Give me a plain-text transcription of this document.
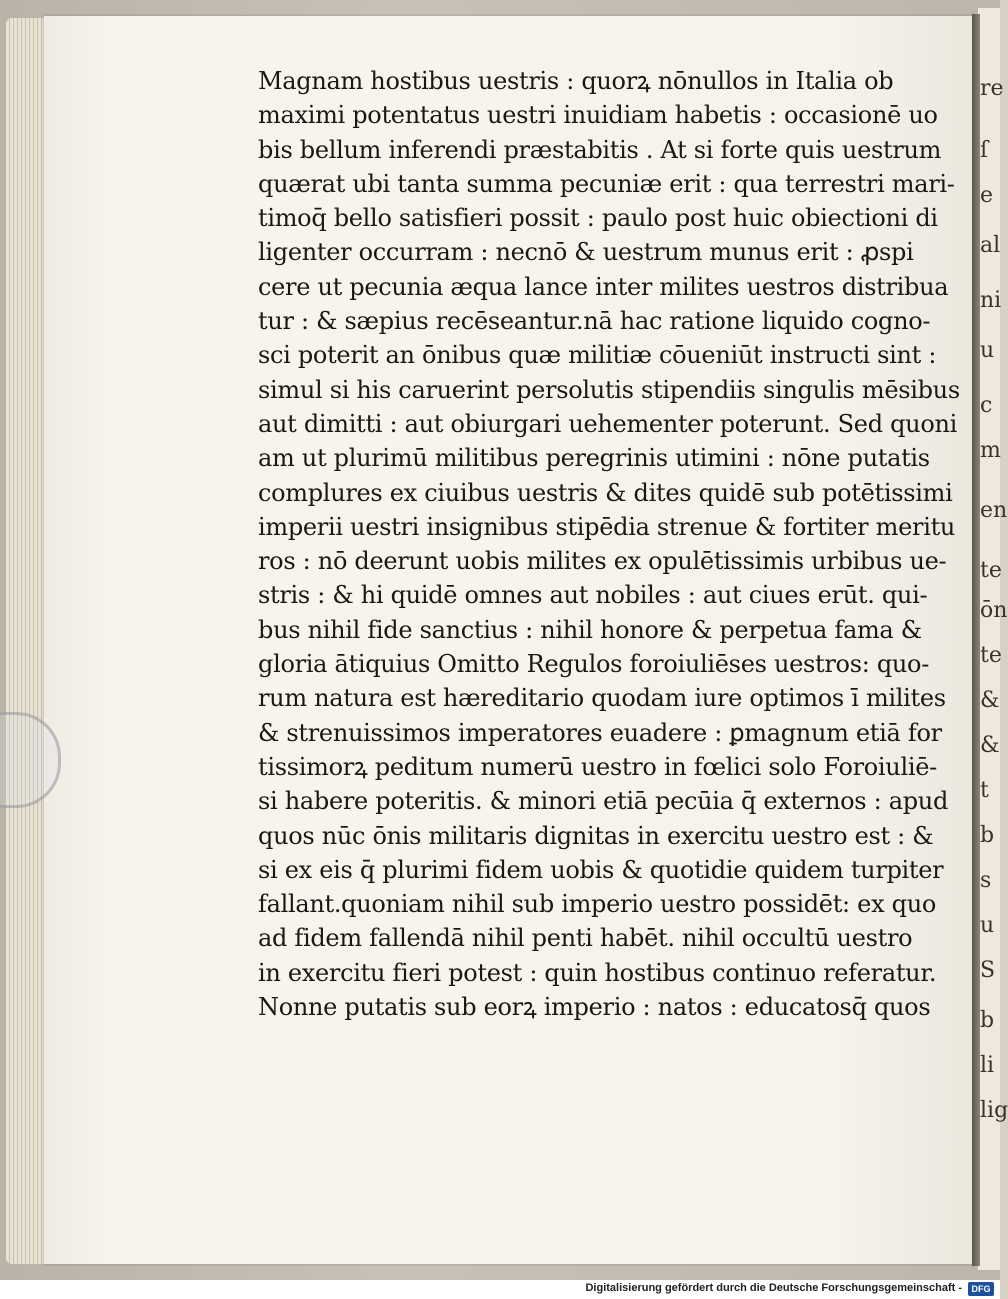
re
ſ
e
al
ni
u
c
m
en
te
ōn
te
&
&
t
b
s
u
S
b
li
lig
Magnam hostibus uestris : quorꝝ nōnullos in Italia ob
maximi potentatus uestri inuidiam habetis : occasionē uo
bis bellum inferendi præstabitis . At si forte quis uestrum
quærat ubi tanta summa pecuniæ erit : qua terrestri mari-
timoq̄ bello satisfieri possit : paulo post huic obiectioni di
ligenter occurram : necnō & uestrum munus erit : ꝓspi
cere ut pecunia æqua lance inter milites uestros distribua
tur : & sæpius recēseantur.nā hac ratione liquido cogno-
sci poterit an ōnibus quæ militiæ cōueniūt instructi sint :
simul si his caruerint persolutis stipendiis singulis mēsibus
aut dimitti : aut obiurgari uehementer poterunt. Sed quoni
am ut plurimū militibus peregrinis utimini : nōne putatis
complures ex ciuibus uestris & dites quidē sub potētissimi
imperii uestri insignibus stipēdia strenue & fortiter meritu
ros : nō deerunt uobis milites ex opulētissimis urbibus ue-
stris : & hi quidē omnes aut nobiles : aut ciues erūt. qui-
bus nihil fide sanctius : nihil honore & perpetua fama &
gloria ātiquius Omitto Regulos foroiuliēses uestros: quo-
rum natura est hæreditario quodam iure optimos ī milites
& strenuissimos imperatores euadere : ꝑmagnum etiā for
tissimorꝝ peditum numerū uestro in fœlici solo Foroiuliē-
si habere poteritis. & minori etiā pecūia q̄ externos : apud
quos nūc ōnis militaris dignitas in exercitu uestro est : &
si ex eis q̄ plurimi fidem uobis & quotidie quidem turpiter
fallant.quoniam nihil sub imperio uestro possidēt: ex quo
ad fidem fallendā nihil penti habēt. nihil occultū uestro
in exercitu fieri potest : quin hostibus continuo referatur.
Nonne putatis sub eorꝝ imperio : natos : educatosq̄ quos
Digitalisierung gefördert durch die Deutsche Forschungsgemeinschaft -	DFG
